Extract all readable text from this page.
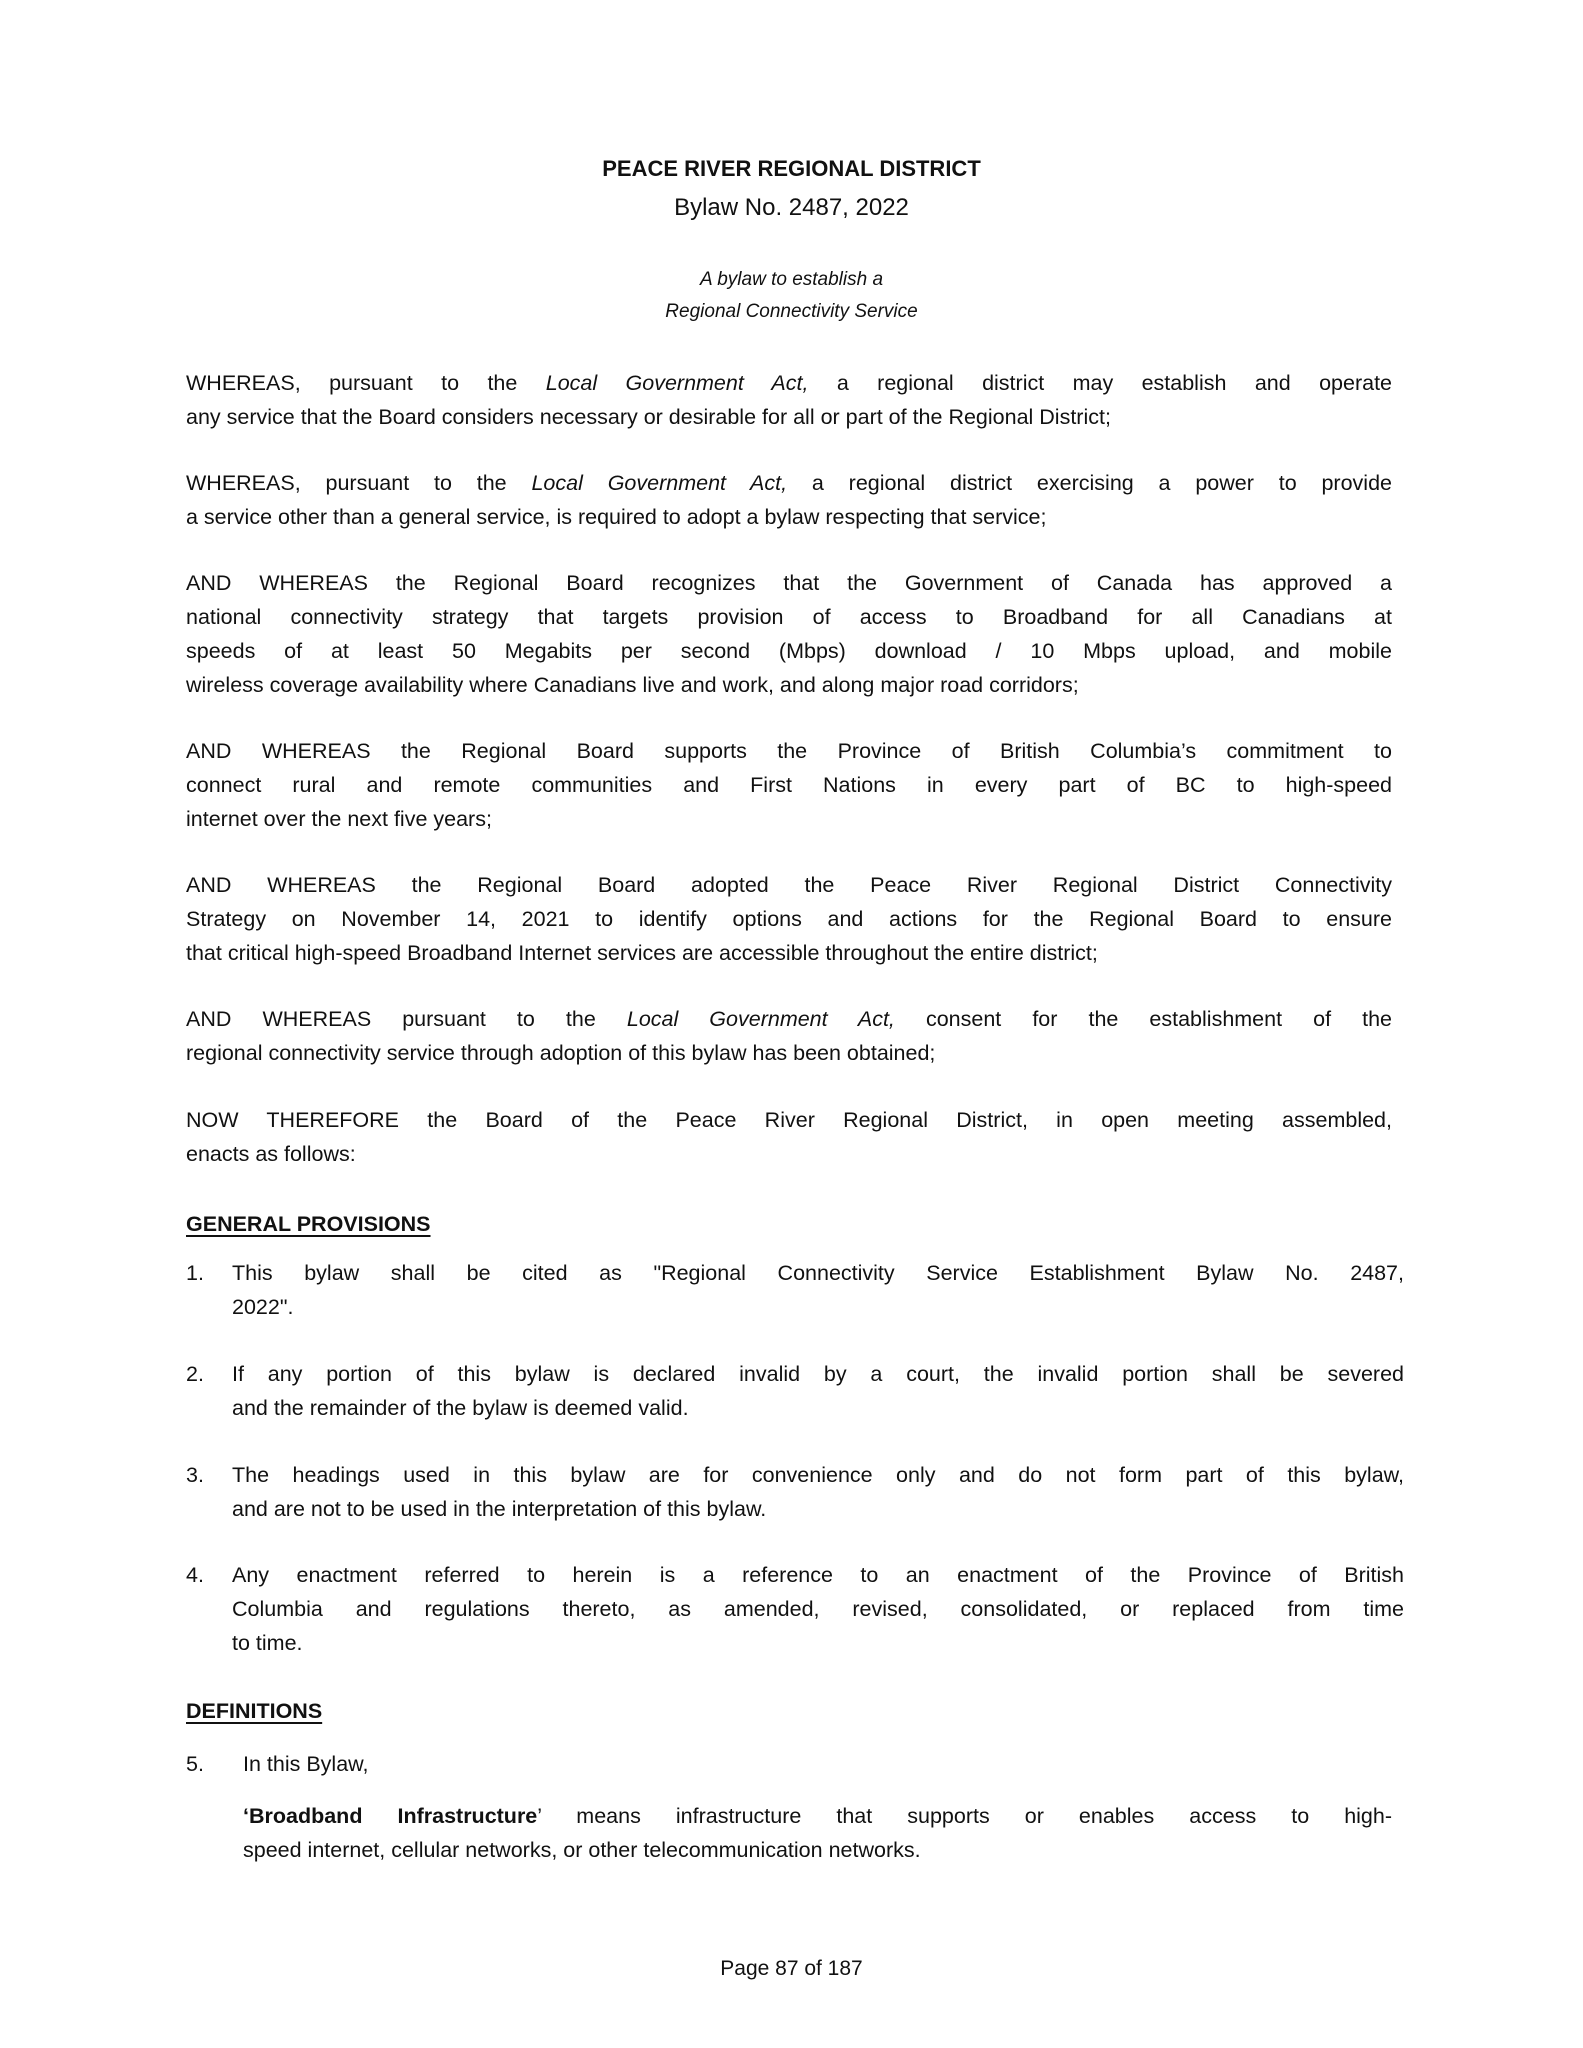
PEACE RIVER REGIONAL DISTRICT
Bylaw No. 2487, 2022
A bylaw to establish a
Regional Connectivity Service
WHEREAS, pursuant to the Local Government Act, a regional district may establish and operate
any service that the Board considers necessary or desirable for all or part of the Regional District;
WHEREAS, pursuant to the Local Government Act, a regional district exercising a power to provide
a service other than a general service, is required to adopt a bylaw respecting that service;
AND WHEREAS the Regional Board recognizes that the Government of Canada has approved a
national connectivity strategy that targets provision of access to Broadband for all Canadians at
speeds of at least 50 Megabits per second (Mbps) download / 10 Mbps upload, and mobile
wireless coverage availability where Canadians live and work, and along major road corridors;
AND WHEREAS the Regional Board supports the Province of British Columbia’s commitment to
connect rural and remote communities and First Nations in every part of BC to high-speed
internet over the next five years;
AND WHEREAS the Regional Board adopted the Peace River Regional District Connectivity
Strategy on November 14, 2021 to identify options and actions for the Regional Board to ensure
that critical high-speed Broadband Internet services are accessible throughout the entire district;
AND WHEREAS pursuant to the Local Government Act, consent for the establishment of the
regional connectivity service through adoption of this bylaw has been obtained;
NOW THEREFORE the Board of the Peace River Regional District, in open meeting assembled,
enacts as follows:
GENERAL PROVISIONS
1. This bylaw shall be cited as "Regional Connectivity Service Establishment Bylaw No. 2487,
2022".
2. If any portion of this bylaw is declared invalid by a court, the invalid portion shall be severed
and the remainder of the bylaw is deemed valid.
3. The headings used in this bylaw are for convenience only and do not form part of this bylaw,
and are not to be used in the interpretation of this bylaw.
4. Any enactment referred to herein is a reference to an enactment of the Province of British
Columbia and regulations thereto, as amended, revised, consolidated, or replaced from time
to time.
DEFINITIONS
5. In this Bylaw,
‘Broadband Infrastructure’ means infrastructure that supports or enables access to high-
speed internet, cellular networks, or other telecommunication networks.
Page 87 of 187
